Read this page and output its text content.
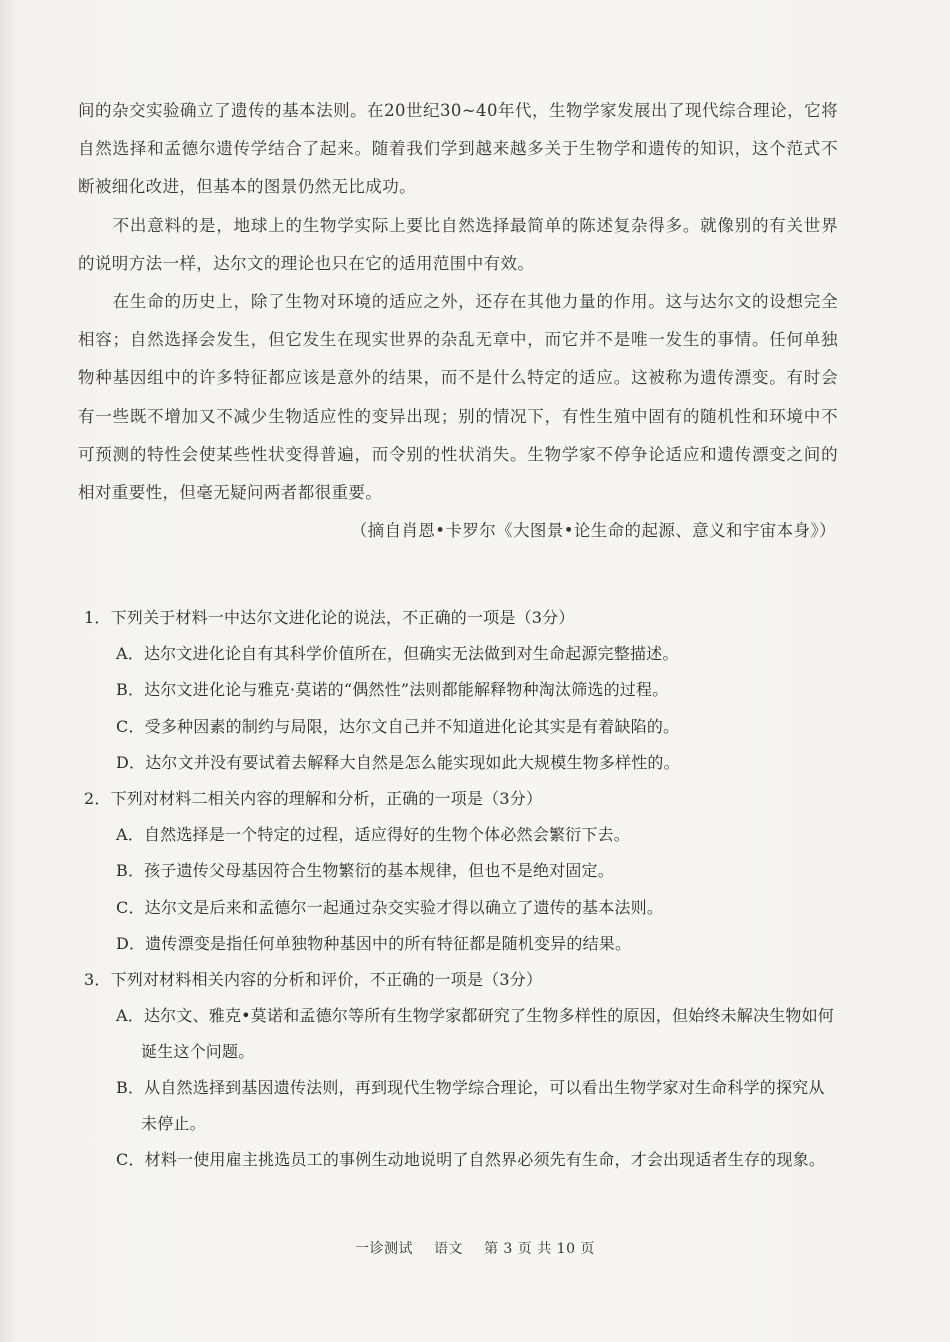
间的杂交实验确立了遗传的基本法则。在20世纪30~40年代，生物学家发展出了现代综合理论，它将自然选择和孟德尔遗传学结合了起来。随着我们学到越来越多关于生物学和遗传的知识，这个范式不断被细化改进，但基本的图景仍然无比成功。

不出意料的是，地球上的生物学实际上要比自然选择最简单的陈述复杂得多。就像别的有关世界的说明方法一样，达尔文的理论也只在它的适用范围中有效。

在生命的历史上，除了生物对环境的适应之外，还存在其他力量的作用。这与达尔文的设想完全相容；自然选择会发生，但它发生在现实世界的杂乱无章中，而它并不是唯一发生的事情。任何单独物种基因组中的许多特征都应该是意外的结果，而不是什么特定的适应。这被称为遗传漂变。有时会有一些既不增加又不减少生物适应性的变异出现；别的情况下，有性生殖中固有的随机性和环境中不可预测的特性会使某些性状变得普遍，而令别的性状消失。生物学家不停争论适应和遗传漂变之间的相对重要性，但毫无疑问两者都很重要。

（摘自肖恩•卡罗尔《大图景•论生命的起源、意义和宇宙本身》）
1．下列关于材料一中达尔文进化论的说法，不正确的一项是（3分）
A．达尔文进化论自有其科学价值所在，但确实无法做到对生命起源完整描述。
B．达尔文进化论与雅克·莫诺的“偶然性”法则都能解释物种淘汰筛选的过程。
C．受多种因素的制约与局限，达尔文自己并不知道进化论其实是有着缺陷的。
D．达尔文并没有要试着去解释大自然是怎么能实现如此大规模生物多样性的。
2．下列对材料二相关内容的理解和分析，正确的一项是（3分）
A．自然选择是一个特定的过程，适应得好的生物个体必然会繁衍下去。
B．孩子遗传父母基因符合生物繁衍的基本规律，但也不是绝对固定。
C．达尔文是后来和孟德尔一起通过杂交实验才得以确立了遗传的基本法则。
D．遗传漂变是指任何单独物种基因中的所有特征都是随机变异的结果。
3．下列对材料相关内容的分析和评价，不正确的一项是（3分）
A．达尔文、雅克•莫诺和孟德尔等所有生物学家都研究了生物多样性的原因，但始终未解决生物如何诞生这个问题。
B．从自然选择到基因遗传法则，再到现代生物学综合理论，可以看出生物学家对生命科学的探究从未停止。
C．材料一使用雇主挑选员工的事例生动地说明了自然界必须先有生命，才会出现适者生存的现象。
一诊测试 语文 第 3 页 共 10 页
